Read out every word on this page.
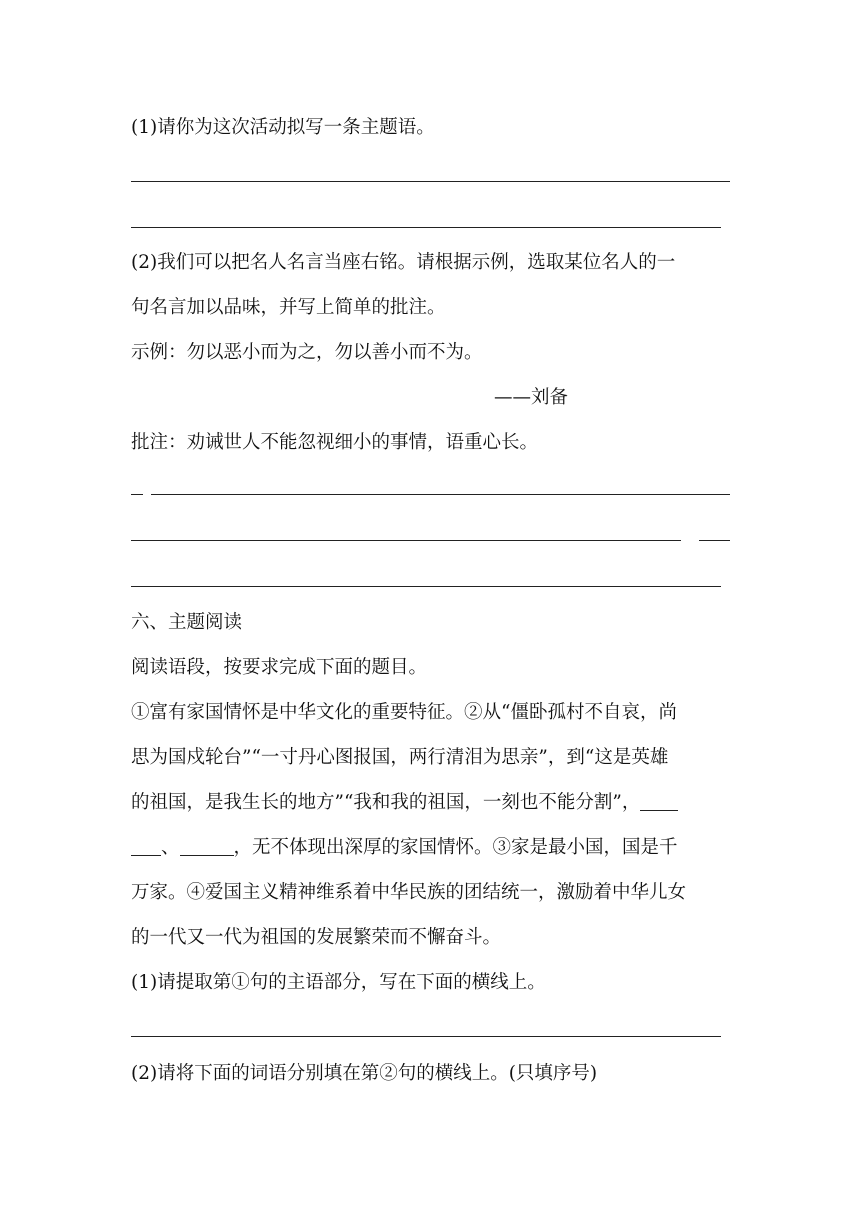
(1)请你为这次活动拟写一条主题语。
(2)我们可以把名人名言当座右铭。请根据示例，选取某位名人的一
句名言加以品味，并写上简单的批注。
示例：勿以恶小而为之，勿以善小而不为。
——刘备
批注：劝诫世人不能忽视细小的事情，语重心长。
六、主题阅读
阅读语段，按要求完成下面的题目。
①富有家国情怀是中华文化的重要特征。②从“僵卧孤村不自哀，尚
思为国戍轮台”“一寸丹心图报国，两行清泪为思亲”，到“这是英雄
的祖国，是我生长的地方”“我和我的祖国，一刻也不能分割”，
、	，无不体现出深厚的家国情怀。③家是最小国，国是千
万家。④爱国主义精神维系着中华民族的团结统一，激励着中华儿女
的一代又一代为祖国的发展繁荣而不懈奋斗。
(1)请提取第①句的主语部分，写在下面的横线上。
(2)请将下面的词语分别填在第②句的横线上。(只填序号)
